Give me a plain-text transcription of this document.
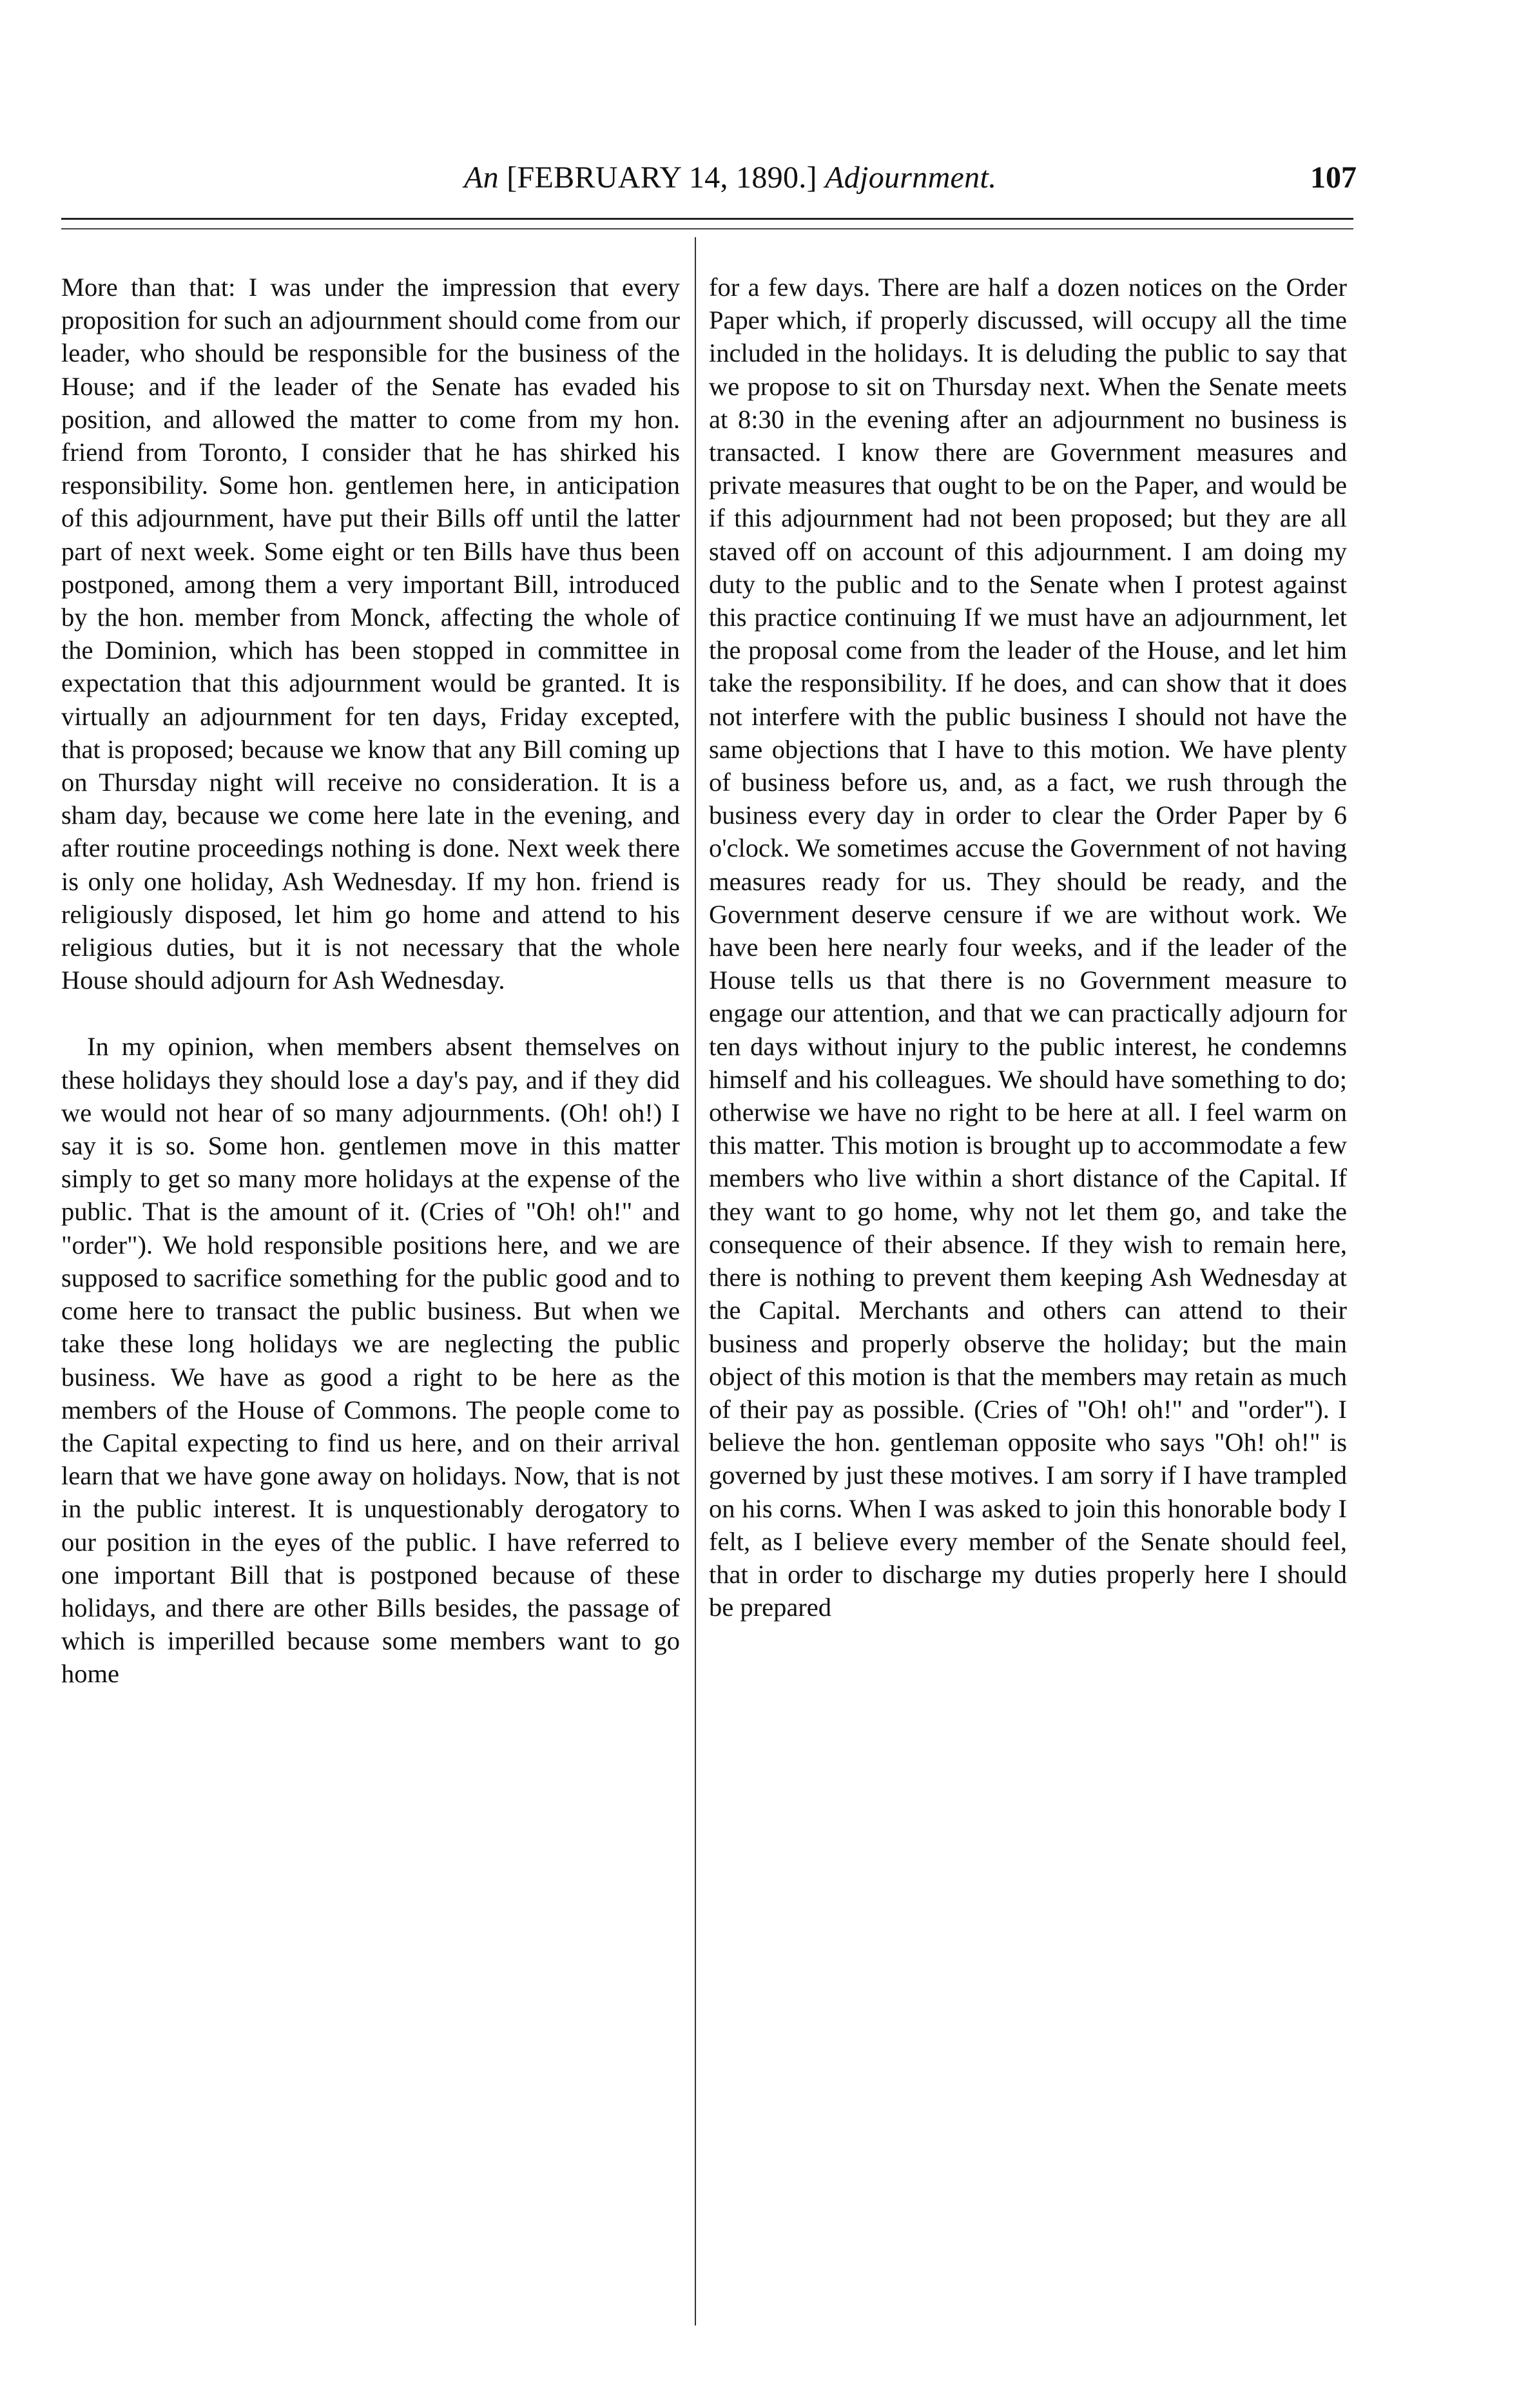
An [FEBRUARY 14, 1890.] Adjournment.	107

More than that: I was under the impression that every proposition for such an adjournment should come from our leader, who should be responsible for the business of the House; and if the leader of the Senate has evaded his position, and allowed the matter to come from my hon. friend from Toronto, I consider that he has shirked his responsibility. Some hon. gentlemen here, in anticipation of this adjournment, have put their Bills off until the latter part of next week. Some eight or ten Bills have thus been postponed, among them a very important Bill, introduced by the hon. member from Monck, affecting the whole of the Dominion, which has been stopped in committee in expectation that this adjournment would be granted. It is virtually an adjournment for ten days, Friday excepted, that is proposed; because we know that any Bill coming up on Thursday night will receive no consideration. It is a sham day, because we come here late in the evening, and after routine proceedings nothing is done. Next week there is only one holiday, Ash Wednesday. If my hon. friend is religiously disposed, let him go home and attend to his religious duties, but it is not necessary that the whole House should adjourn for Ash Wednesday.

In my opinion, when members absent themselves on these holidays they should lose a day's pay, and if they did we would not hear of so many adjournments. (Oh! oh!) I say it is so. Some hon. gentlemen move in this matter simply to get so many more holidays at the expense of the public. That is the amount of it. (Cries of "Oh! oh!" and "order"). We hold responsible positions here, and we are supposed to sacrifice something for the public good and to come here to transact the public business. But when we take these long holidays we are neglecting the public business. We have as good a right to be here as the members of the House of Commons. The people come to the Capital expecting to find us here, and on their arrival learn that we have gone away on holidays. Now, that is not in the public interest. It is unquestionably derogatory to our position in the eyes of the public. I have referred to one important Bill that is postponed because of these holidays, and there are other Bills besides, the passage of which is imperilled because some members want to go home

for a few days. There are half a dozen notices on the Order Paper which, if properly discussed, will occupy all the time included in the holidays. It is deluding the public to say that we propose to sit on Thursday next. When the Senate meets at 8:30 in the evening after an adjournment no business is transacted. I know there are Government measures and private measures that ought to be on the Paper, and would be if this adjournment had not been proposed; but they are all staved off on account of this adjournment. I am doing my duty to the public and to the Senate when I protest against this practice continuing If we must have an adjournment, let the proposal come from the leader of the House, and let him take the responsibility. If he does, and can show that it does not interfere with the public business I should not have the same objections that I have to this motion. We have plenty of business before us, and, as a fact, we rush through the business every day in order to clear the Order Paper by 6 o'clock. We sometimes accuse the Government of not having measures ready for us. They should be ready, and the Government deserve censure if we are without work. We have been here nearly four weeks, and if the leader of the House tells us that there is no Government measure to engage our attention, and that we can practically adjourn for ten days without injury to the public interest, he condemns himself and his colleagues. We should have something to do; otherwise we have no right to be here at all. I feel warm on this matter. This motion is brought up to accommodate a few members who live within a short distance of the Capital. If they want to go home, why not let them go, and take the consequence of their absence. If they wish to remain here, there is nothing to prevent them keeping Ash Wednesday at the Capital. Merchants and others can attend to their business and properly observe the holiday; but the main object of this motion is that the members may retain as much of their pay as possible. (Cries of "Oh! oh!" and "order"). I believe the hon. gentleman opposite who says "Oh! oh!" is governed by just these motives. I am sorry if I have trampled on his corns. When I was asked to join this honorable body I felt, as I believe every member of the Senate should feel, that in order to discharge my duties properly here I should be prepared
